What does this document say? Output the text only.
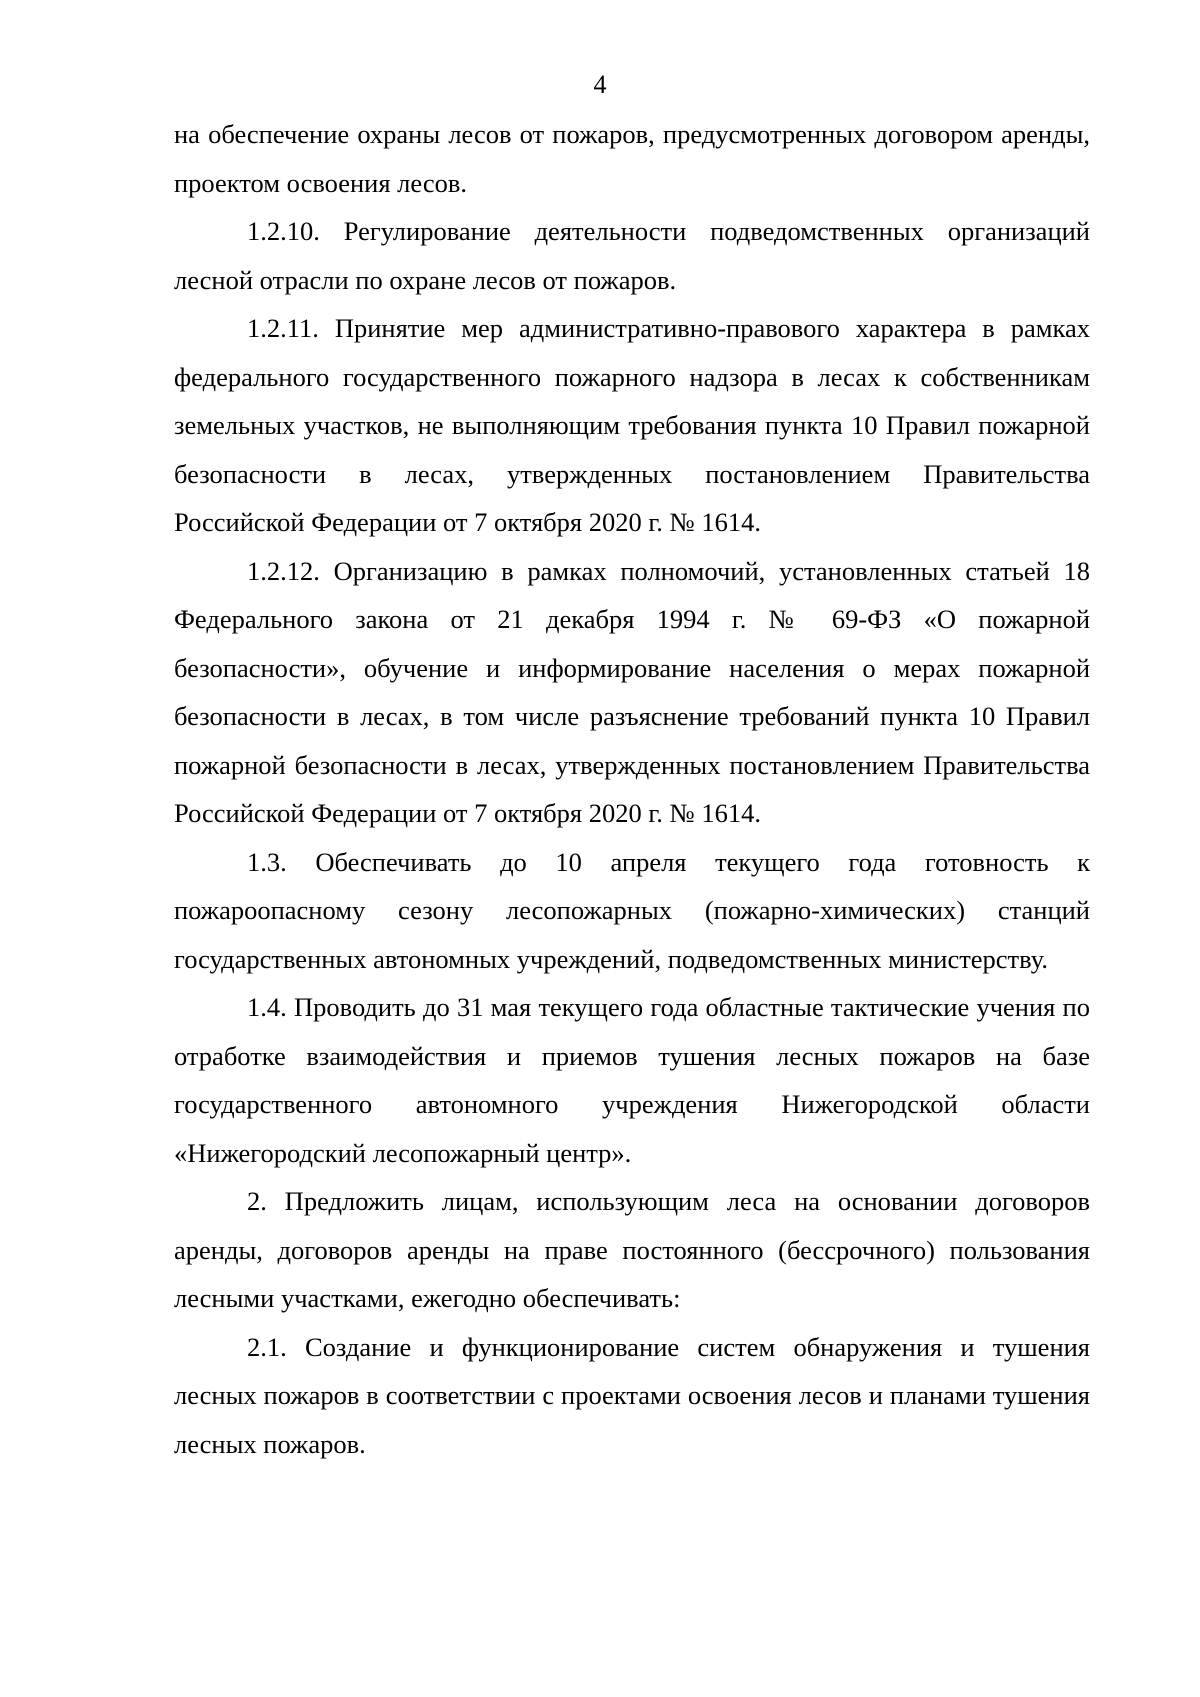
4

на обеспечение охраны лесов от пожаров, предусмотренных договором аренды, проектом освоения лесов.

1.2.10. Регулирование деятельности подведомственных организаций лесной отрасли по охране лесов от пожаров.

1.2.11. Принятие мер административно-правового характера в рамках федерального государственного пожарного надзора в лесах к собственникам земельных участков, не выполняющим требования пункта 10 Правил пожарной безопасности в лесах, утвержденных постановлением Правительства Российской Федерации от 7 октября 2020 г. № 1614.

1.2.12. Организацию в рамках полномочий, установленных статьей 18 Федерального закона от 21 декабря 1994 г. № 69-ФЗ «О пожарной безопасности», обучение и информирование населения о мерах пожарной безопасности в лесах, в том числе разъяснение требований пункта 10 Правил пожарной безопасности в лесах, утвержденных постановлением Правительства Российской Федерации от 7 октября 2020 г. № 1614.

1.3. Обеспечивать до 10 апреля текущего года готовность к пожароопасному сезону лесопожарных (пожарно-химических) станций государственных автономных учреждений, подведомственных министерству.

1.4. Проводить до 31 мая текущего года областные тактические учения по отработке взаимодействия и приемов тушения лесных пожаров на базе государственного автономного учреждения Нижегородской области «Нижегородский лесопожарный центр».

2. Предложить лицам, использующим леса на основании договоров аренды, договоров аренды на праве постоянного (бессрочного) пользования лесными участками, ежегодно обеспечивать:

2.1. Создание и функционирование систем обнаружения и тушения лесных пожаров в соответствии с проектами освоения лесов и планами тушения лесных пожаров.
